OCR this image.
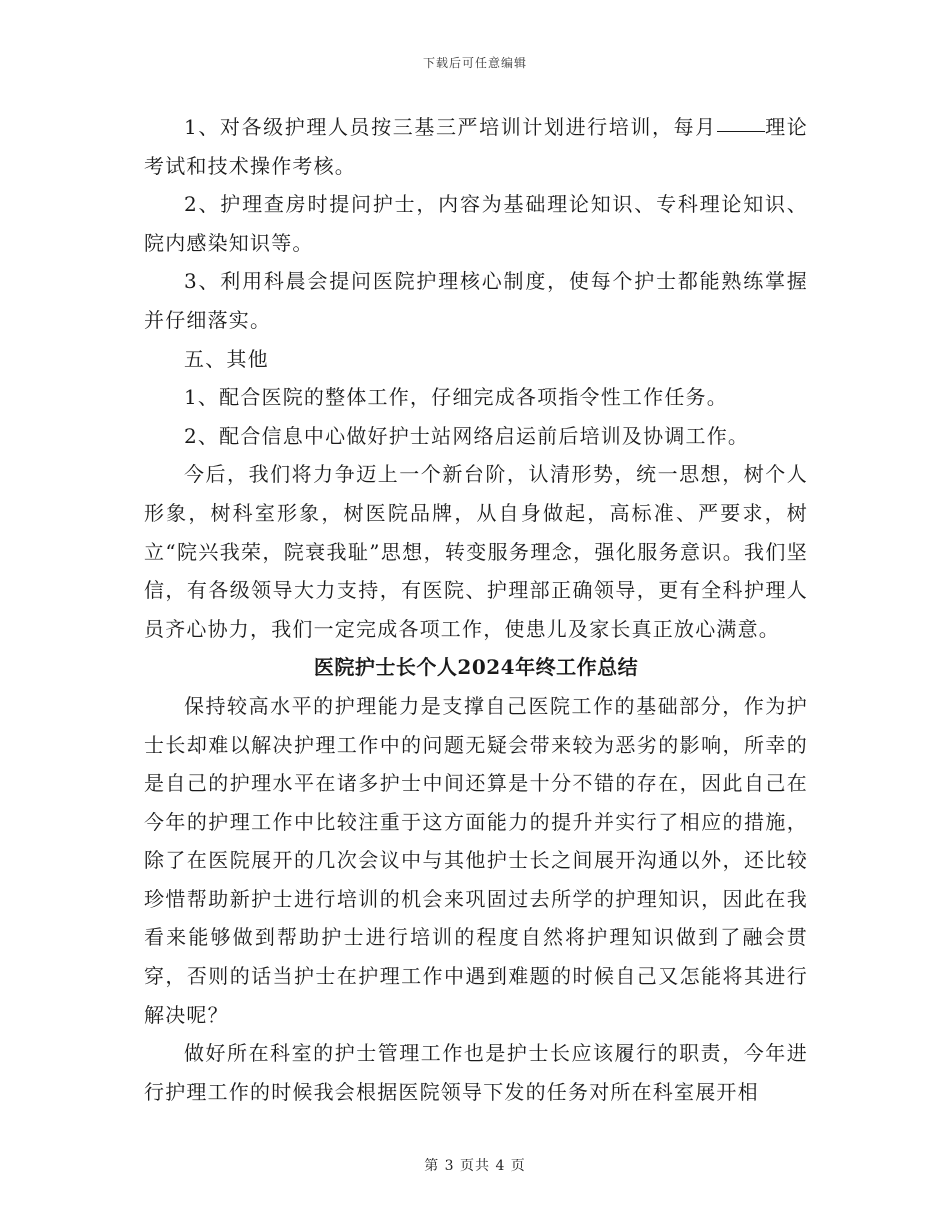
下载后可任意编辑

1、对各级护理人员按三基三严培训计划进行培训，每月 理论考试和技术操作考核。

2、护理查房时提问护士，内容为基础理论知识、专科理论知识、院内感染知识等。

3、利用科晨会提问医院护理核心制度，使每个护士都能熟练掌握并仔细落实。

五、其他

1、配合医院的整体工作，仔细完成各项指令性工作任务。

2、配合信息中心做好护士站网络启运前后培训及协调工作。

今后，我们将力争迈上一个新台阶，认清形势，统一思想，树个人形象，树科室形象，树医院品牌，从自身做起，高标准、严要求，树立“院兴我荣，院衰我耻”思想，转变服务理念，强化服务意识。我们坚信，有各级领导大力支持，有医院、护理部正确领导，更有全科护理人员齐心协力，我们一定完成各项工作，使患儿及家长真正放心满意。

医院护士长个人2024年终工作总结

保持较高水平的护理能力是支撑自己医院工作的基础部分，作为护士长却难以解决护理工作中的问题无疑会带来较为恶劣的影响，所幸的是自己的护理水平在诸多护士中间还算是十分不错的存在，因此自己在今年的护理工作中比较注重于这方面能力的提升并实行了相应的措施，除了在医院展开的几次会议中与其他护士长之间展开沟通以外，还比较珍惜帮助新护士进行培训的机会来巩固过去所学的护理知识，因此在我看来能够做到帮助护士进行培训的程度自然将护理知识做到了融会贯穿，否则的话当护士在护理工作中遇到难题的时候自己又怎能将其进行解决呢？

做好所在科室的护士管理工作也是护士长应该履行的职责，今年进行护理工作的时候我会根据医院领导下发的任务对所在科室展开相

第 3 页共 4 页
